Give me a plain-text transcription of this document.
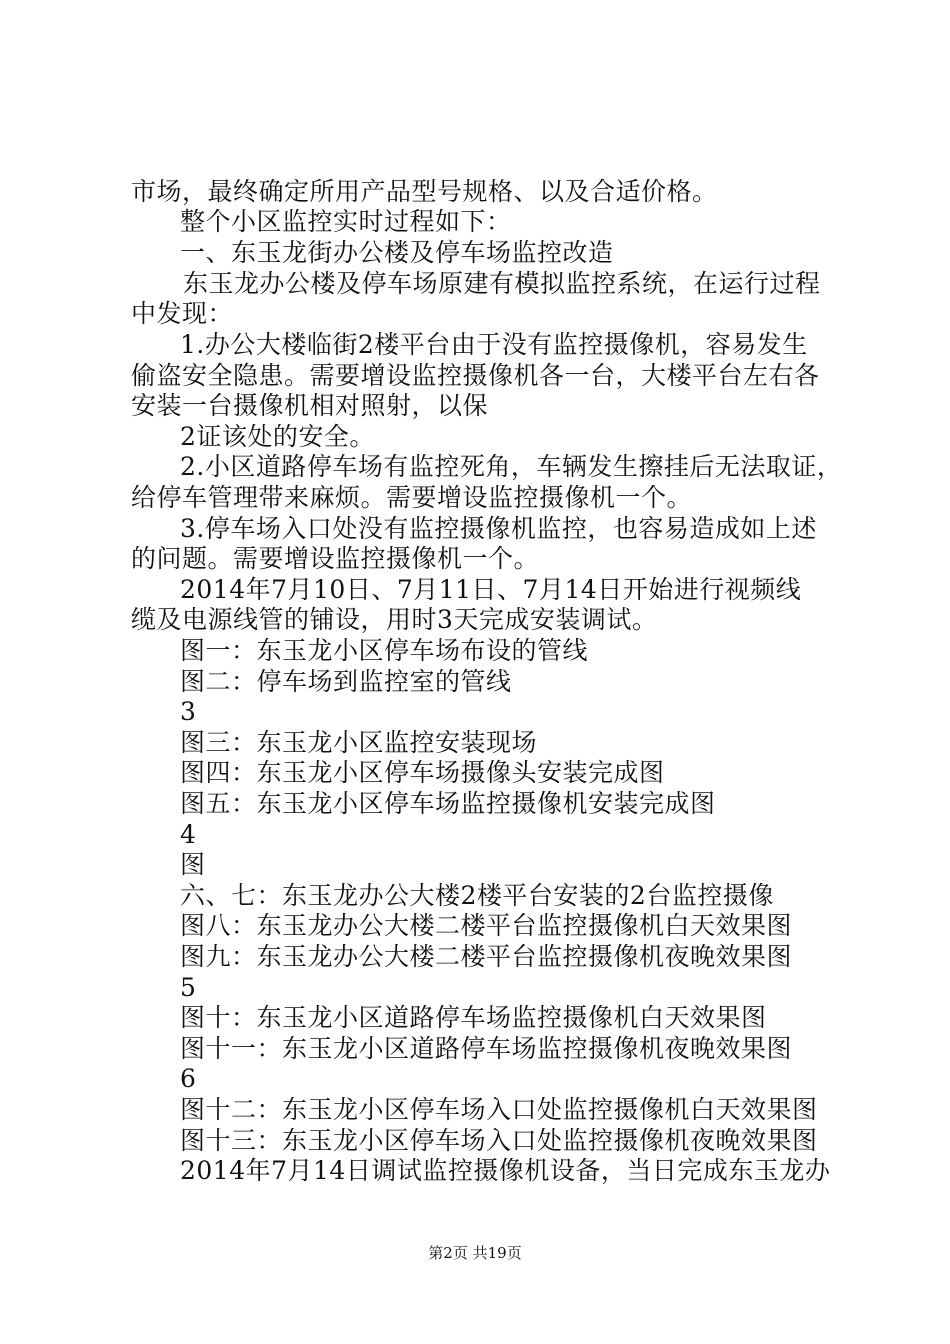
市场，最终确定所用产品型号规格、以及合适价格。
整个小区监控实时过程如下：
一、东玉龙街办公楼及停车场监控改造
东玉龙办公楼及停车场原建有模拟监控系统，在运行过程
中发现：
1.办公大楼临街2楼平台由于没有监控摄像机，容易发生
偷盗安全隐患。需要增设监控摄像机各一台，大楼平台左右各
安装一台摄像机相对照射，以保
2证该处的安全。
2.小区道路停车场有监控死角，车辆发生擦挂后无法取证，
给停车管理带来麻烦。需要增设监控摄像机一个。
3.停车场入口处没有监控摄像机监控，也容易造成如上述
的问题。需要增设监控摄像机一个。
2014年7月10日、7月11日、7月14日开始进行视频线
缆及电源线管的铺设，用时3天完成安装调试。
图一：东玉龙小区停车场布设的管线
图二：停车场到监控室的管线
3
图三：东玉龙小区监控安装现场
图四：东玉龙小区停车场摄像头安装完成图
图五：东玉龙小区停车场监控摄像机安装完成图
4
图
六、七：东玉龙办公大楼2楼平台安装的2台监控摄像
图八：东玉龙办公大楼二楼平台监控摄像机白天效果图
图九：东玉龙办公大楼二楼平台监控摄像机夜晚效果图
5
图十：东玉龙小区道路停车场监控摄像机白天效果图
图十一：东玉龙小区道路停车场监控摄像机夜晚效果图
6
图十二：东玉龙小区停车场入口处监控摄像机白天效果图
图十三：东玉龙小区停车场入口处监控摄像机夜晚效果图
2014年7月14日调试监控摄像机设备，当日完成东玉龙办
第2页 共19页
